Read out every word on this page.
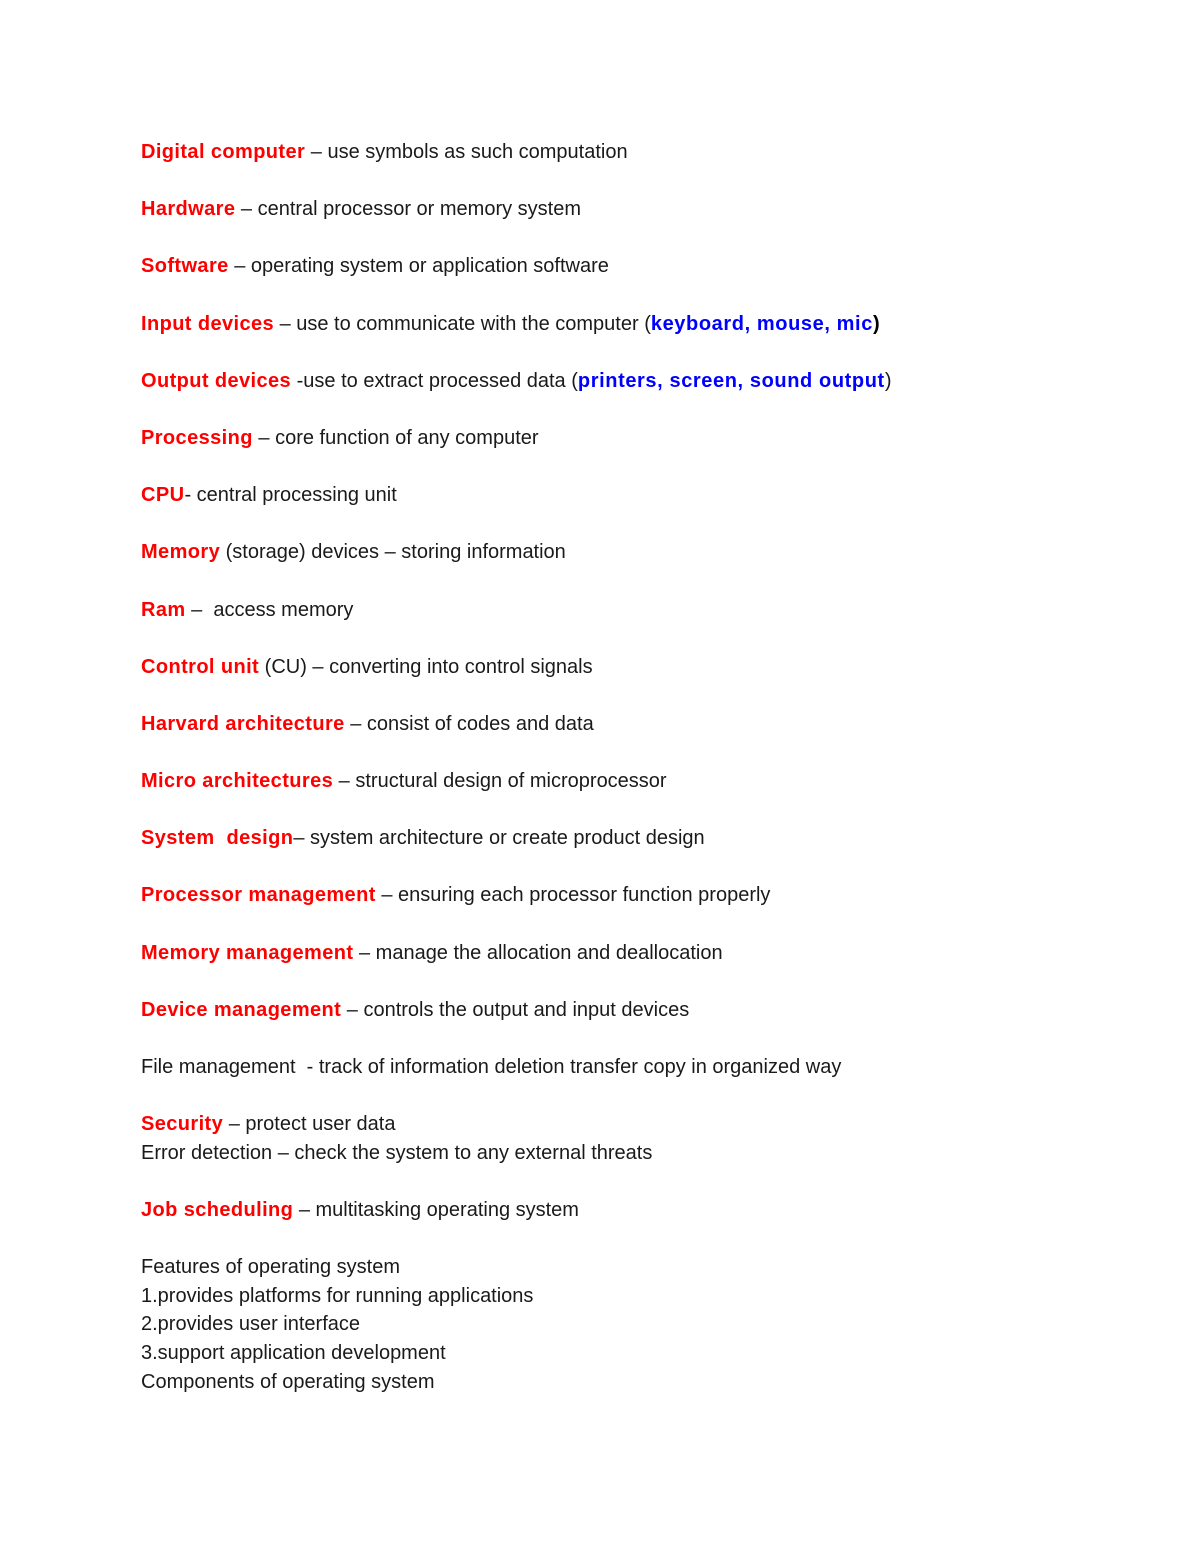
Digital computer – use symbols as such computation

Hardware – central processor or memory system

Software – operating system or application software

Input devices – use to communicate with the computer (keyboard, mouse, mic)

Output devices -use to extract processed data (printers, screen, sound output)

Processing – core function of any computer

CPU- central processing unit

Memory (storage) devices – storing information

Ram –  access memory

Control unit (CU) – converting into control signals

Harvard architecture – consist of codes and data

Micro architectures – structural design of microprocessor

System  design– system architecture or create product design

Processor management – ensuring each processor function properly

Memory management – manage the allocation and deallocation

Device management – controls the output and input devices

File management  - track of information deletion transfer copy in organized way

Security – protect user data

Error detection – check the system to any external threats

Job scheduling – multitasking operating system

Features of operating system

1.provides platforms for running applications

2.provides user interface

3.support application development

Components of operating system
